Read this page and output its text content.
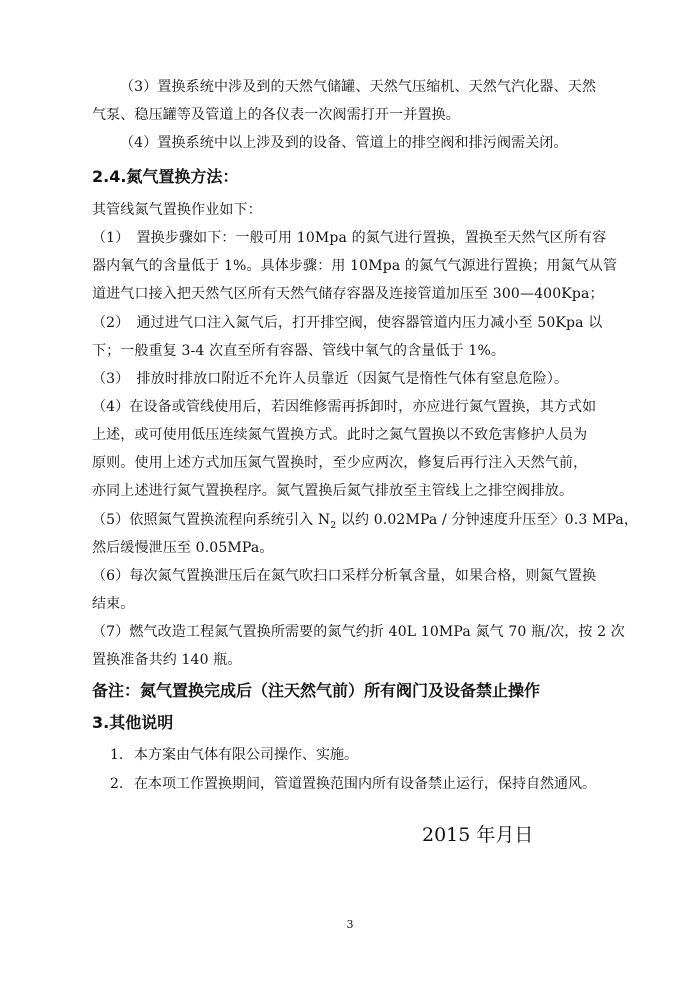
（3）置换系统中涉及到的天然气储罐、天然气压缩机、天然气汽化器、天然
气泵、稳压罐等及管道上的各仪表一次阀需打开一并置换。
（4）置换系统中以上涉及到的设备、管道上的排空阀和排污阀需关闭。
2.4.氮气置换方法：
其管线氮气置换作业如下：
（1）　置换步骤如下：一般可用 10Mpa 的氮气进行置换，置换至天然气区所有容
器内氧气的含量低于 1%。具体步骤：用 10Mpa 的氮气气源进行置换；用氮气从管
道进气口接入把天然气区所有天然气储存容器及连接管道加压至 300—400Kpa；
（2）　通过进气口注入氮气后，打开排空阀，使容器管道内压力减小至 50Kpa 以
下；一般重复 3-4 次直至所有容器、管线中氧气的含量低于 1%。
（3）　排放时排放口附近不允许人员靠近（因氮气是惰性气体有窒息危险）。
（4）在设备或管线使用后，若因维修需再拆卸时，亦应进行氮气置换，其方式如
上述，或可使用低压连续氮气置换方式。此时之氮气置换以不致危害修护人员为
原则。使用上述方式加压氮气置换时，至少应两次，修复后再行注入天然气前，
亦同上述进行氮气置换程序。氮气置换后氮气排放至主管线上之排空阀排放。
（5）依照氮气置换流程向系统引入 $N_2$ 以约 0.02MPa / 分钟速度升压至〉0.3 MPa，
然后缓慢泄压至 0.05MPa。
（6）每次氮气置换泄压后在氮气吹扫口采样分析氧含量，如果合格，则氮气置换
结束。
（7）燃气改造工程氮气置换所需要的氮气约折 40L 10MPa 氮气 70 瓶/次，按 2 次
置换准备共约 140 瓶。
备注：氮气置换完成后（注天然气前）所有阀门及设备禁止操作
3.其他说明
1. 本方案由气体有限公司操作、实施。
2. 在本项工作置换期间，管道置换范围内所有设备禁止运行，保持自然通风。
2015 年月日
3
